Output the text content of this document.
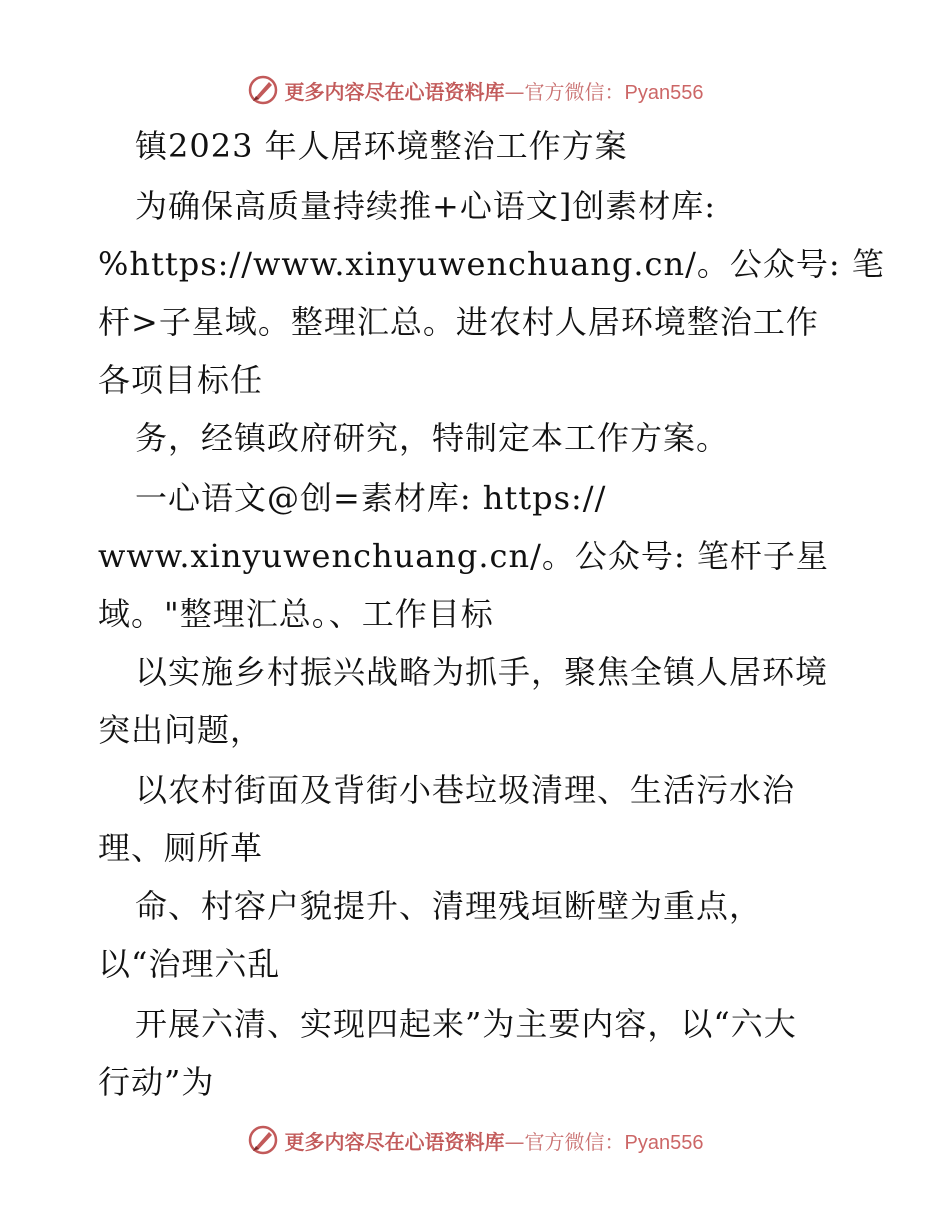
更多内容尽在心语资料库—官方微信：Pyan556
镇2023 年人居环境整治工作方案
为确保高质量持续推+心语文]创素材库:
%https://www.xinyuwenchuang.cn/。公众号: 笔
杆>子星域。整理汇总。进农村人居环境整治工作
各项目标任
务，经镇政府研究，特制定本工作方案。
一心语文@创=素材库: https://
www.xinyuwenchuang.cn/。公众号: 笔杆子星
域。"整理汇总。、工作目标
以实施乡村振兴战略为抓手，聚焦全镇人居环境
突出问题，
以农村街面及背街小巷垃圾清理、生活污水治
理、厕所革
命、村容户貌提升、清理残垣断壁为重点，
以“治理六乱
开展六清、实现四起来”为主要内容，以“六大
行动”为
更多内容尽在心语资料库—官方微信：Pyan556
